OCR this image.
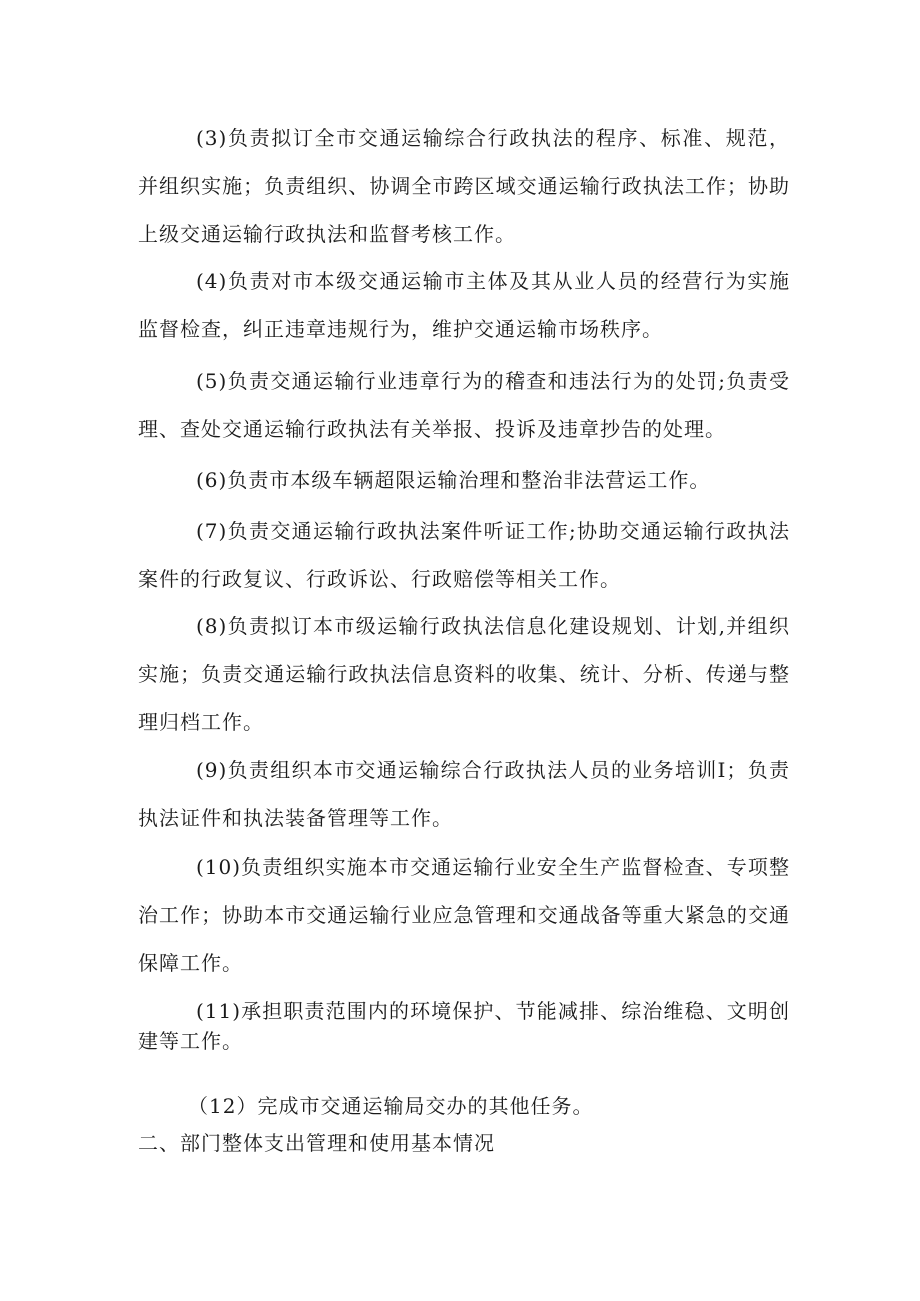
(3)负责拟订全市交通运输综合行政执法的程序、标准、规范，并组织实施；负责组织、协调全市跨区域交通运输行政执法工作；协助上级交通运输行政执法和监督考核工作。

(4)负责对市本级交通运输市主体及其从业人员的经营行为实施监督检查，纠正违章违规行为，维护交通运输市场秩序。

(5)负责交通运输行业违章行为的稽查和违法行为的处罚;负责受理、查处交通运输行政执法有关举报、投诉及违章抄告的处理。

(6)负责市本级车辆超限运输治理和整治非法营运工作。

(7)负责交通运输行政执法案件听证工作;协助交通运输行政执法案件的行政复议、行政诉讼、行政赔偿等相关工作。

(8)负责拟订本市级运输行政执法信息化建设规划、计划,并组织实施；负责交通运输行政执法信息资料的收集、统计、分析、传递与整理归档工作。

(9)负责组织本市交通运输综合行政执法人员的业务培训I；负责执法证件和执法装备管理等工作。

(10)负责组织实施本市交通运输行业安全生产监督检查、专项整治工作；协助本市交通运输行业应急管理和交通战备等重大紧急的交通保障工作。

(11)承担职责范围内的环境保护、节能减排、综治维稳、文明创建等工作。

（12）完成市交通运输局交办的其他任务。

二、部门整体支出管理和使用基本情况
